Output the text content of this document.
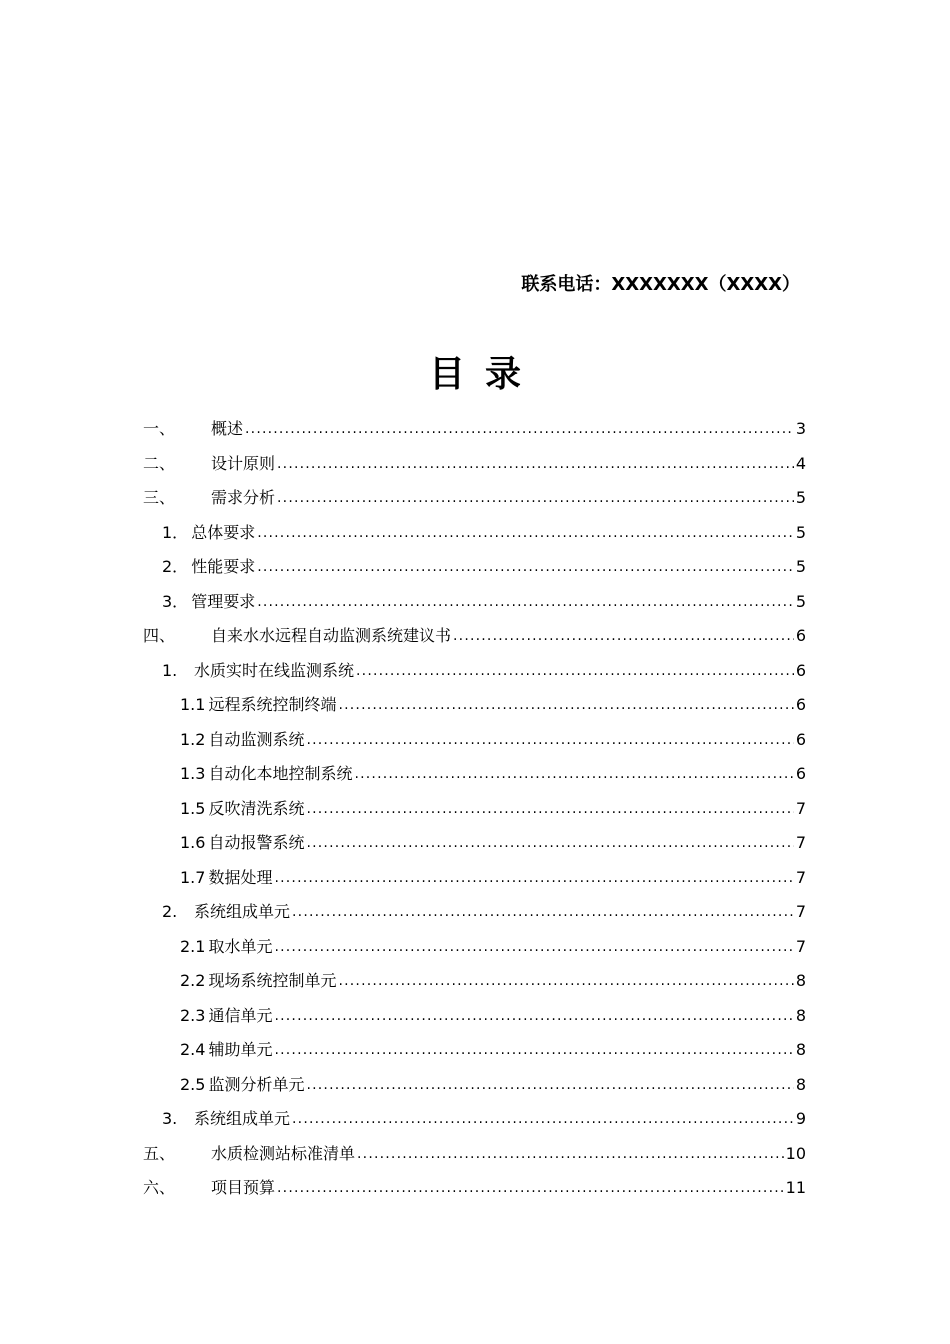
联系电话：XXXXXXX（XXXX）

目录
一、	概述 .....	3
二、	设计原则 .....	4
三、	需求分析 .....	5
1． 总体要求 .....	5
2． 性能要求 .....	5
3． 管理要求 .....	5
四、	自来水水远程自动监测系统建议书 .....	6
1.	水质实时在线监测系统 .....	6
1.1 远程系统控制终端 .....	6
1.2 自动监测系统 .....	6
1.3 自动化本地控制系统 .....	6
1.5 反吹清洗系统 .....	7
1.6 自动报警系统 .....	7
1.7 数据处理 .....	7
2.	系统组成单元 .....	7
2.1 取水单元 .....	7
2.2 现场系统控制单元 .....	8
2.3 通信单元 .....	8
2.4 辅助单元 .....	8
2.5 监测分析单元 .....	8
3.	系统组成单元 .....	9
五、	水质检测站标准清单 .....	10
六、	项目预算 .....	11
